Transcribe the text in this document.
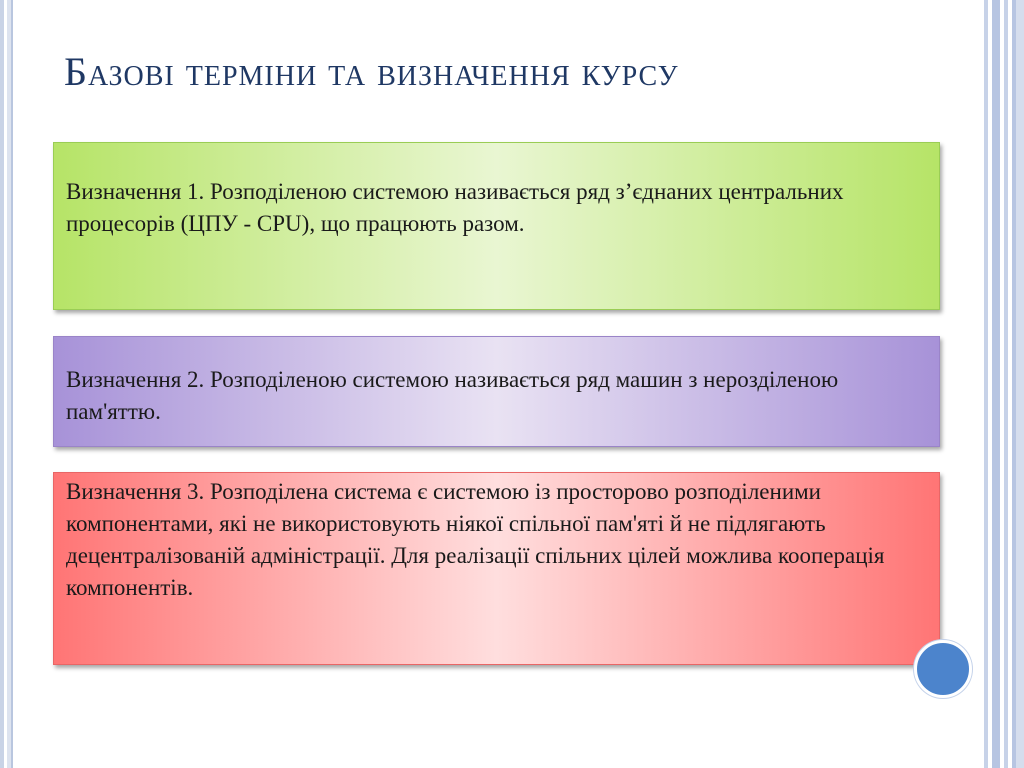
Базові терміни та визначення курсу
Визначення 1. Розподіленою системою називається ряд з’єднаних центральних процесорів (ЦПУ - CPU), що працюють разом.
Визначення 2. Розподіленою системою називається ряд машин з нерозділеною пам'яттю.
Визначення 3. Розподілена система є системою із просторово розподіленими компонентами, які не використовують ніякої спільної пам'яті й не підлягають децентралізованій адміністрації. Для реалізації спільних цілей можлива кооперація компонентів.
